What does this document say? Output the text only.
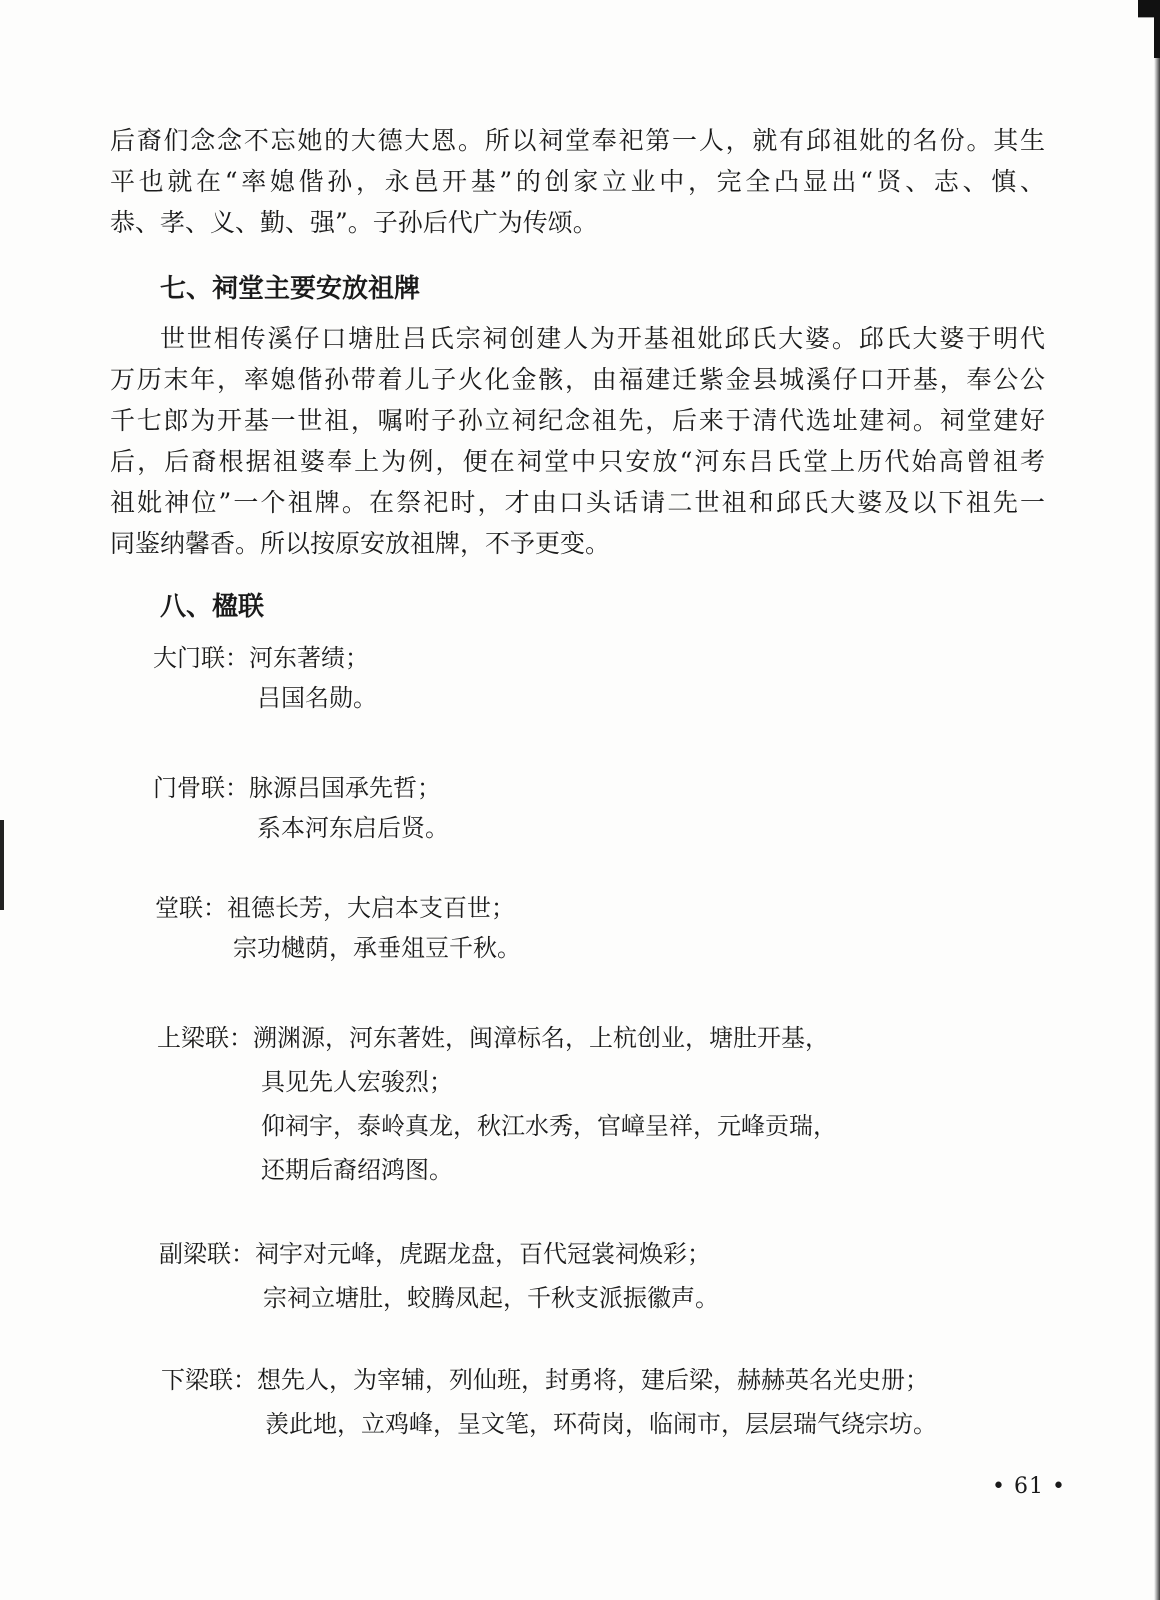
后裔们念念不忘她的大德大恩。所以祠堂奉祀第一人，就有邱祖妣的名份。其生
平也就在“率媳偕孙，永邑开基”的创家立业中，完全凸显出“贤、志、慎、
恭、孝、义、勤、强”。子孙后代广为传颂。

七、祠堂主要安放祖牌

世世相传溪仔口塘肚吕氏宗祠创建人为开基祖妣邱氏大婆。邱氏大婆于明代
万历末年，率媳偕孙带着儿子火化金骸，由福建迁紫金县城溪仔口开基，奉公公
千七郎为开基一世祖，嘱咐子孙立祠纪念祖先，后来于清代选址建祠。祠堂建好
后，后裔根据祖婆奉上为例，便在祠堂中只安放“河东吕氏堂上历代始高曾祖考
祖妣神位”一个祖牌。在祭祀时，才由口头话请二世祖和邱氏大婆及以下祖先一
同鉴纳馨香。所以按原安放祖牌，不予更变。

八、楹联
大门联：河东著绩；
吕国名勋。
门骨联：脉源吕国承先哲；
系本河东启后贤。
堂联：祖德长芳，大启本支百世；
宗功樾荫，承垂俎豆千秋。
上梁联：溯渊源，河东著姓，闽漳标名，上杭创业，塘肚开基，
具见先人宏骏烈；
仰祠宇，泰岭真龙，秋江水秀，官嶂呈祥，元峰贡瑞，
还期后裔绍鸿图。
副梁联：祠宇对元峰，虎踞龙盘，百代冠裳祠焕彩；
宗祠立塘肚，蛟腾凤起，千秋支派振徽声。
下梁联：想先人，为宰辅，列仙班，封勇将，建后梁，赫赫英名光史册；
羡此地，立鸡峰，呈文笔，环荷岗，临闹市，层层瑞气绕宗坊。
• 61 •
